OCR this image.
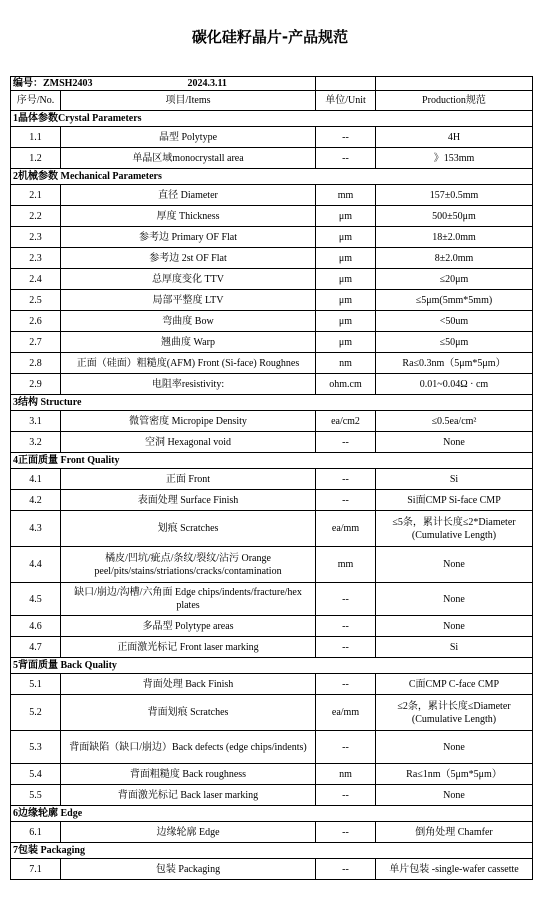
碳化硅籽晶片-产品规范
编号：ZMSH2403 2024.3.11			
序号/No.	项目/Items	单位/Unit	Production规范
1晶体参数Crystal Parameters			
1.1	晶型 Polytype	--	4H
1.2	单晶区域monocrystall area	--	》153mm
2机械参数 Mechanical Parameters			
2.1	直径 Diameter	mm	157±0.5mm
2.2	厚度 Thickness	μm	500±50μm
2.3	参考边 Primary OF Flat	μm	18±2.0mm
2.3	参考边 2st OF Flat	μm	8±2.0mm
2.4	总厚度变化 TTV	μm	≤20μm
2.5	局部平整度 LTV	μm	≤5μm(5mm*5mm)
2.6	弯曲度 Bow	μm	<50um
2.7	翘曲度 Warp	μm	≤50μm
2.8	正面（硅面）粗糙度(AFM) Front (Si-face) Roughnes	nm	Ra≤0.3nm（5μm*5μm）
2.9	电阻率resistivity:	ohm.cm	0.01~0.04Ω · cm
3结构 Structure			
3.1	微管密度 Micropipe Density	ea/cm2	≤0.5ea/cm²
3.2	空洞 Hexagonal void	--	None
4正面质量 Front Quality			
4.1	正面 Front	--	Si
4.2	表面处理 Surface Finish	--	Si面CMP Si-face CMP
4.3	划痕 Scratches	ea/mm	≤5条，累计长度≤2*Diameter (Cumulative Length)
4.4	橘皮/凹坑/疵点/条纹/裂纹/沾污 Orange peel/pits/stains/striations/cracks/contamination	mm	None
4.5	缺口/崩边/沟槽/六角面 Edge chips/indents/fracture/hex plates	--	None
4.6	多晶型 Polytype areas	--	None
4.7	正面激光标记 Front laser marking	--	Si
5背面质量 Back Quality			
5.1	背面处理 Back Finish	--	C面CMP C-face CMP
5.2	背面划痕 Scratches	ea/mm	≤2条，累计长度≤Diameter (Cumulative Length)
5.3	背面缺陷（缺口/崩边）Back defects (edge chips/indents)	--	None
5.4	背面粗糙度 Back roughness	nm	Ra≤1nm（5μm*5μm）
5.5	背面激光标记 Back laser marking	--	None
6边缘轮廓 Edge			
6.1	边缘轮廓 Edge	--	倒角处理 Chamfer
7包装 Packaging			
7.1	包装 Packaging	--	单片包装 -single-wafer cassette
